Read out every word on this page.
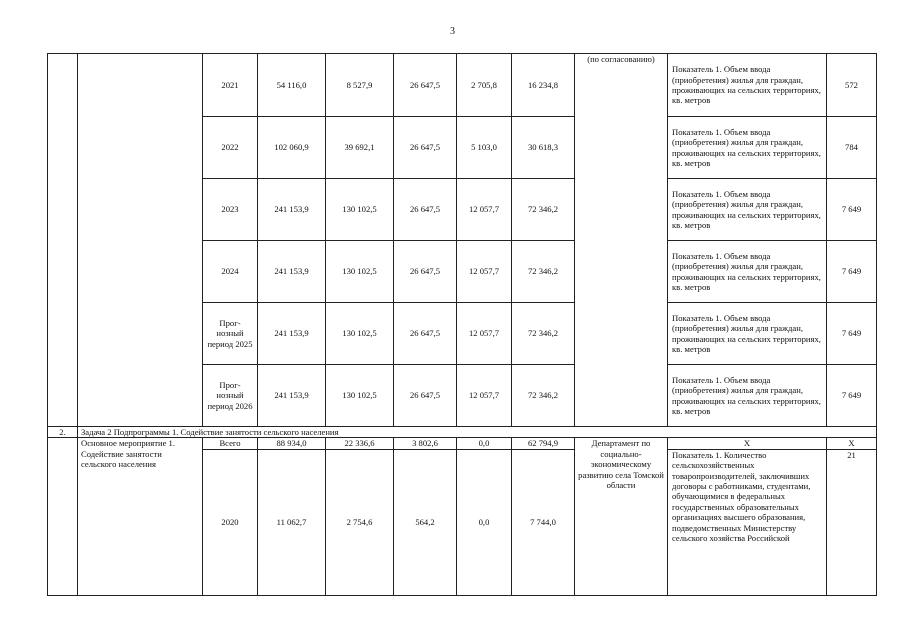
3
		2021	54 116,0	8 527,9	26 647,5	2 705,8	16 234,8	(по согласованию)	Показатель 1. Объем ввода (приобретения) жилья для граждан, проживающих на сельских территориях, кв. метров	572
		2022	102 060,9	39 692,1	26 647,5	5 103,0	30 618,3		Показатель 1. Объем ввода (приобретения) жилья для граждан, проживающих на сельских территориях, кв. метров	784
		2023	241 153,9	130 102,5	26 647,5	12 057,7	72 346,2		Показатель 1. Объем ввода (приобретения) жилья для граждан, проживающих на сельских территориях, кв. метров	7 649
		2024	241 153,9	130 102,5	26 647,5	12 057,7	72 346,2		Показатель 1. Объем ввода (приобретения) жилья для граждан, проживающих на сельских территориях, кв. метров	7 649
		Прог-нозный период 2025	241 153,9	130 102,5	26 647,5	12 057,7	72 346,2		Показатель 1. Объем ввода (приобретения) жилья для граждан, проживающих на сельских территориях, кв. метров	7 649
		Прог-нозный период 2026	241 153,9	130 102,5	26 647,5	12 057,7	72 346,2		Показатель 1. Объем ввода (приобретения) жилья для граждан, проживающих на сельских территориях, кв. метров	7 649
2.	Задача 2 Подпрограммы 1. Содействие занятости сельского населения									
	Основное мероприятие 1. Содействие занятости сельского населения	Всего	88 934,0	22 336,6	3 802,6	0,0	62 794,9	Департамент по социально-экономическому развитию села Томской области	Х	Х
		2020	11 062,7	2 754,6	564,2	0,0	7 744,0		Показатель 1. Количество сельскохозяйственных товаропроизводителей, заключивших договоры с работниками, студентами, обучающимися в федеральных государственных образовательных организациях высшего образования, подведомственных Министерству сельского хозяйства Российской	21
